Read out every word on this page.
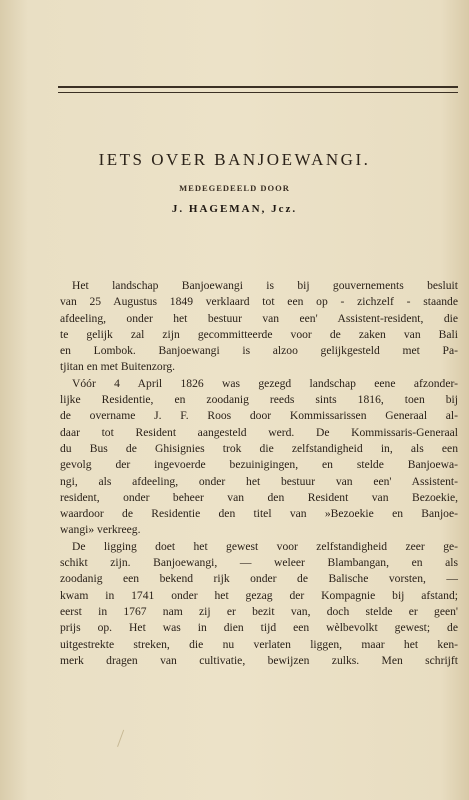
IETS OVER BANJOEWANGI.
MEDEGEDEELD DOOR
J. HAGEMAN, Jcz.
Het landschap Banjoewangi is bij gouvernements besluit
van 25 Augustus 1849 verklaard tot een op - zichzelf - staande
afdeeling, onder het bestuur van een' Assistent-resident, die
te gelijk zal zijn gecommitteerde voor de zaken van Bali
en Lombok. Banjoewangi is alzoo gelijkgesteld met Pa-
tjitan en met Buitenzorg.
Vóór 4 April 1826 was gezegd landschap eene afzonder-
lijke Residentie, en zoodanig reeds sints 1816, toen bij
de overname J. F. Roos door Kommissarissen Generaal al-
daar tot Resident aangesteld werd. De Kommissaris-Generaal
du Bus de Ghisignies trok die zelfstandigheid in, als een
gevolg der ingevoerde bezuinigingen, en stelde Banjoewa-
ngi, als afdeeling, onder het bestuur van een' Assistent-
resident, onder beheer van den Resident van Bezoekie,
waardoor de Residentie den titel van »Bezoekie en Banjoe-
wangi» verkreeg.
De ligging doet het gewest voor zelfstandigheid zeer ge-
schikt zijn. Banjoewangi, — weleer Blambangan, en als
zoodanig een bekend rijk onder de Balische vorsten, —
kwam in 1741 onder het gezag der Kompagnie bij afstand;
eerst in 1767 nam zij er bezit van, doch stelde er geen'
prijs op. Het was in dien tijd een wèlbevolkt gewest; de
uitgestrekte streken, die nu verlaten liggen, maar het ken-
merk dragen van cultivatie, bewijzen zulks. Men schrijft
